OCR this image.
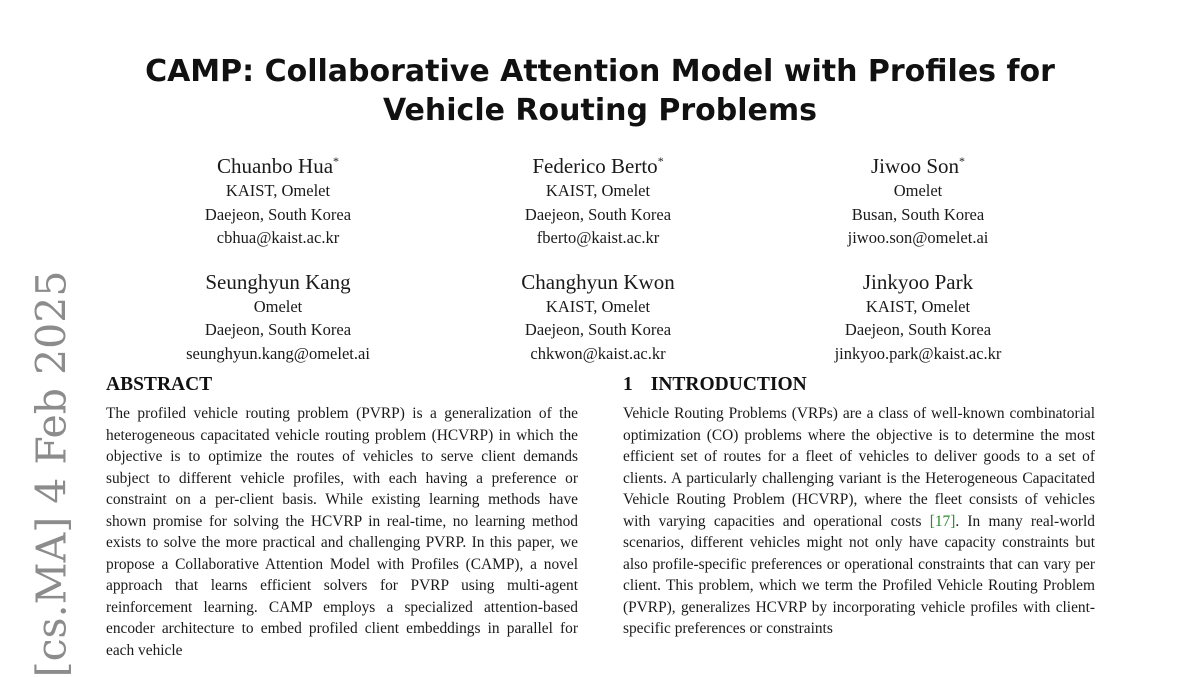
[cs.MA] 4 Feb 2025
CAMP: Collaborative Attention Model with Profiles for Vehicle Routing Problems
Chuanbo Hua*
KAIST, Omelet
Daejeon, South Korea
cbhua@kaist.ac.kr
Federico Berto*
KAIST, Omelet
Daejeon, South Korea
fberto@kaist.ac.kr
Jiwoo Son*
Omelet
Busan, South Korea
jiwoo.son@omelet.ai
Seunghyun Kang
Omelet
Daejeon, South Korea
seunghyun.kang@omelet.ai
Changhyun Kwon
KAIST, Omelet
Daejeon, South Korea
chkwon@kaist.ac.kr
Jinkyoo Park
KAIST, Omelet
Daejeon, South Korea
jinkyoo.park@kaist.ac.kr
ABSTRACT

The profiled vehicle routing problem (PVRP) is a generalization of the heterogeneous capacitated vehicle routing problem (HCVRP) in which the objective is to optimize the routes of vehicles to serve client demands subject to different vehicle profiles, with each having a preference or constraint on a per-client basis. While existing learning methods have shown promise for solving the HCVRP in real-time, no learning method exists to solve the more practical and challenging PVRP. In this paper, we propose a Collaborative Attention Model with Profiles (CAMP), a novel approach that learns efficient solvers for PVRP using multi-agent reinforcement learning. CAMP employs a specialized attention-based encoder architecture to embed profiled client embeddings in parallel for each vehicle

1 INTRODUCTION

Vehicle Routing Problems (VRPs) are a class of well-known combinatorial optimization (CO) problems where the objective is to determine the most efficient set of routes for a fleet of vehicles to deliver goods to a set of clients. A particularly challenging variant is the Heterogeneous Capacitated Vehicle Routing Problem (HCVRP), where the fleet consists of vehicles with varying capacities and operational costs [17]. In many real-world scenarios, different vehicles might not only have capacity constraints but also profile-specific preferences or operational constraints that can vary per client. This problem, which we term the Profiled Vehicle Routing Problem (PVRP), generalizes HCVRP by incorporating vehicle profiles with client-specific preferences or constraints
